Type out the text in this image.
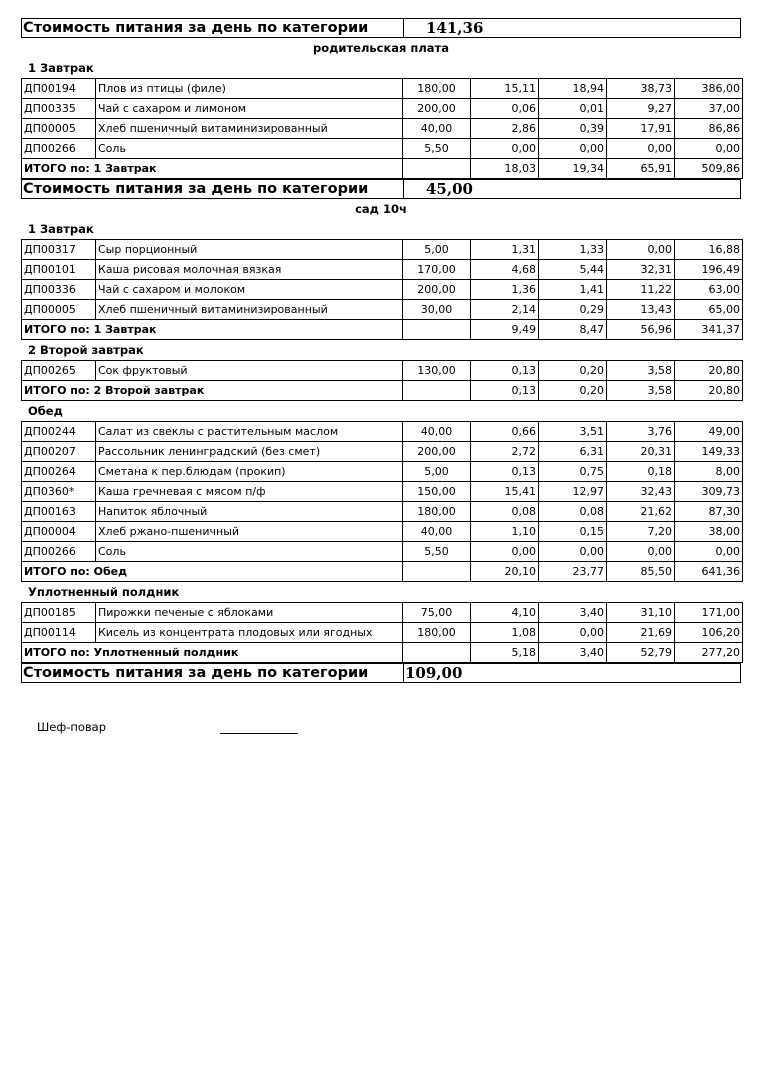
Стоимость питания за день по категории	141,36
родительская плата
1 Завтрак
ДП00194	Плов из птицы (филе)	180,00	15,11	18,94	38,73	386,00
ДП00335	Чай с сахаром и лимоном	200,00	0,06	0,01	9,27	37,00
ДП00005	Хлеб пшеничный витаминизированный	40,00	2,86	0,39	17,91	86,86
ДП00266	Соль	5,50	0,00	0,00	0,00	0,00
ИТОГО по: 1 Завтрак			18,03	19,34	65,91	509,86
Стоимость питания за день по категории	45,00
сад 10ч
1 Завтрак
ДП00317	Сыр порционный	5,00	1,31	1,33	0,00	16,88
ДП00101	Каша рисовая молочная вязкая	170,00	4,68	5,44	32,31	196,49
ДП00336	Чай с сахаром и молоком	200,00	1,36	1,41	11,22	63,00
ДП00005	Хлеб пшеничный витаминизированный	30,00	2,14	0,29	13,43	65,00
ИТОГО по: 1 Завтрак			9,49	8,47	56,96	341,37
2 Второй завтрак
ДП00265	Сок фруктовый	130,00	0,13	0,20	3,58	20,80
ИТОГО по: 2 Второй завтрак			0,13	0,20	3,58	20,80
Обед
ДП00244	Салат из свеклы с растительным маслом	40,00	0,66	3,51	3,76	49,00
ДП00207	Рассольник ленинградский (без смет)	200,00	2,72	6,31	20,31	149,33
ДП00264	Сметана к пер.блюдам (прокип)	5,00	0,13	0,75	0,18	8,00
ДП0360*	Каша гречневая с мясом п/ф	150,00	15,41	12,97	32,43	309,73
ДП00163	Напиток яблочный	180,00	0,08	0,08	21,62	87,30
ДП00004	Хлеб ржано-пшеничный	40,00	1,10	0,15	7,20	38,00
ДП00266	Соль	5,50	0,00	0,00	0,00	0,00
ИТОГО по: Обед			20,10	23,77	85,50	641,36
Уплотненный полдник
ДП00185	Пирожки печеные с яблоками	75,00	4,10	3,40	31,10	171,00
ДП00114	Кисель из концентрата плодовых или ягодных	180,00	1,08	0,00	21,69	106,20
ИТОГО по: Уплотненный полдник			5,18	3,40	52,79	277,20
Стоимость питания за день по категории	109,00
Шеф-повар
